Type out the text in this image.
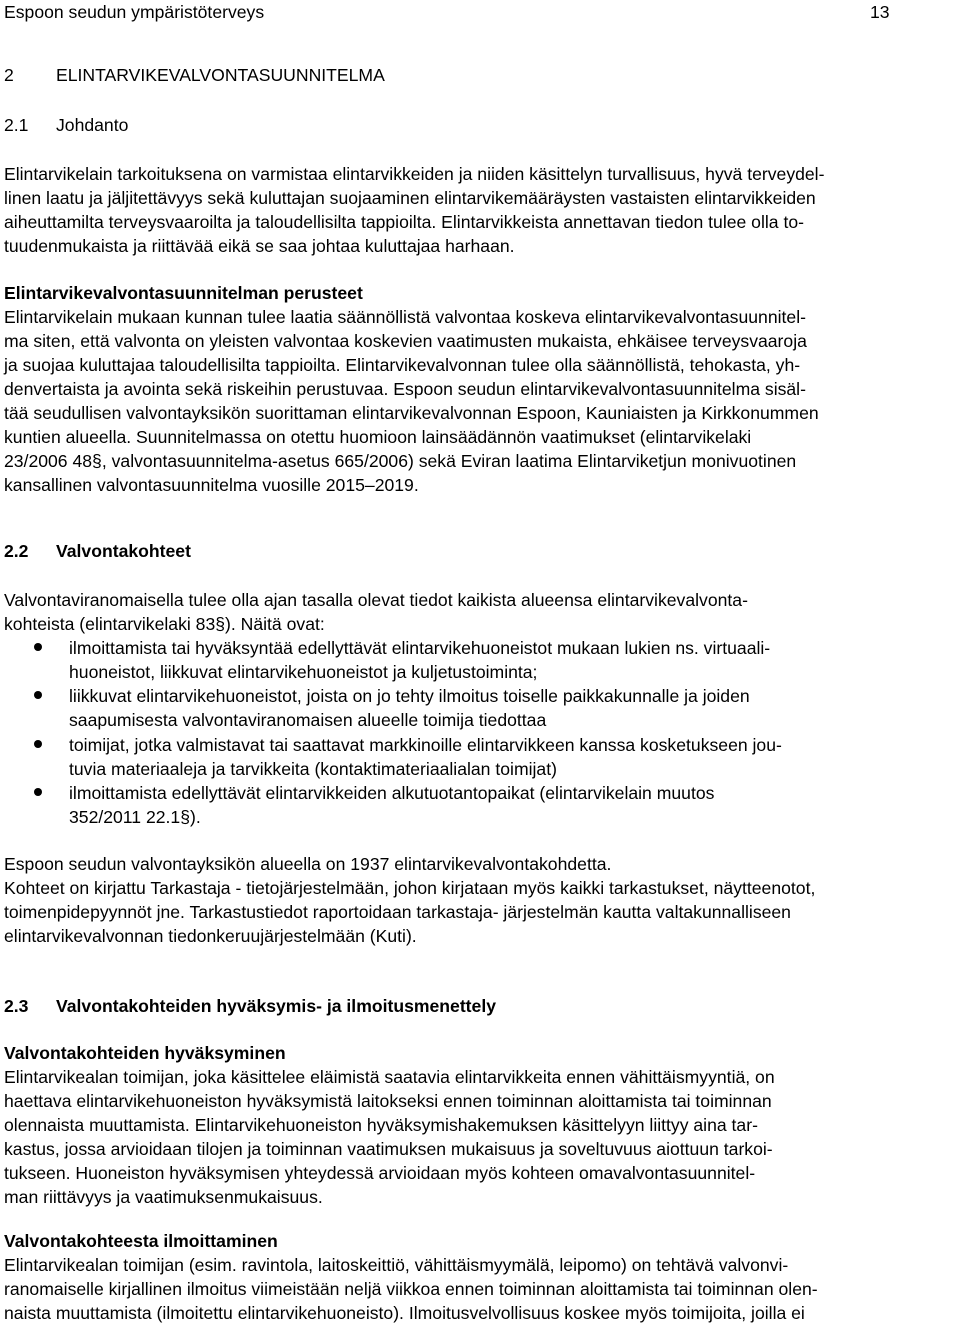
Espoon seudun ympäristöterveys	13
2 ELINTARVIKEVALVONTASUUNNITELMA
2.1 Johdanto
Elintarvikelain tarkoituksena on varmistaa elintarvikkeiden ja niiden käsittelyn turvallisuus, hyvä terveydel-
linen laatu ja jäljitettävyys sekä kuluttajan suojaaminen elintarvikemääräysten vastaisten elintarvikkeiden
aiheuttamilta terveysvaaroilta ja taloudellisilta tappioilta. Elintarvikkeista annettavan tiedon tulee olla to-
tuudenmukaista ja riittävää eikä se saa johtaa kuluttajaa harhaan.
Elintarvikevalvontasuunnitelman perusteet
Elintarvikelain mukaan kunnan tulee laatia säännöllistä valvontaa koskeva elintarvikevalvontasuunnitel-
ma siten, että valvonta on yleisten valvontaa koskevien vaatimusten mukaista, ehkäisee terveysvaaroja
ja suojaa kuluttajaa taloudellisilta tappioilta. Elintarvikevalvonnan tulee olla säännöllistä, tehokasta, yh-
denvertaista ja avointa sekä riskeihin perustuvaa. Espoon seudun elintarvikevalvontasuunnitelma sisäl-
tää seudullisen valvontayksikön suorittaman elintarvikevalvonnan Espoon, Kauniaisten ja Kirkkonummen
kuntien alueella. Suunnitelmassa on otettu huomioon lainsäädännön vaatimukset (elintarvikelaki
23/2006 48§, valvontasuunnitelma-asetus 665/2006) sekä Eviran laatima Elintarviketjun monivuotinen
kansallinen valvontasuunnitelma vuosille 2015–2019.
2.2 Valvontakohteet
Valvontaviranomaisella tulee olla ajan tasalla olevat tiedot kaikista alueensa elintarvikevalvonta-
kohteista (elintarvikelaki 83§). Näitä ovat:
ilmoittamista tai hyväksyntää edellyttävät elintarvikehuoneistot mukaan lukien ns. virtuaali-
huoneistot, liikkuvat elintarvikehuoneistot ja kuljetustoiminta;
liikkuvat elintarvikehuoneistot, joista on jo tehty ilmoitus toiselle paikkakunnalle ja joiden
saapumisesta valvontaviranomaisen alueelle toimija tiedottaa
toimijat, jotka valmistavat tai saattavat markkinoille elintarvikkeen kanssa kosketukseen jou-
tuvia materiaaleja ja tarvikkeita (kontaktimateriaalialan toimijat)
ilmoittamista edellyttävät elintarvikkeiden alkutuotantopaikat (elintarvikelain muutos
352/2011 22.1§).
Espoon seudun valvontayksikön alueella on 1937 elintarvikevalvontakohdetta.
Kohteet on kirjattu Tarkastaja - tietojärjestelmään, johon kirjataan myös kaikki tarkastukset, näytteenotot,
toimenpidepyynnöt jne. Tarkastustiedot raportoidaan tarkastaja- järjestelmän kautta valtakunnalliseen
elintarvikevalvonnan tiedonkeruujärjestelmään (Kuti).
2.3 Valvontakohteiden hyväksymis- ja ilmoitusmenettely
Valvontakohteiden hyväksyminen
Elintarvikealan toimijan, joka käsittelee eläimistä saatavia elintarvikkeita ennen vähittäismyyntiä, on
haettava elintarvikehuoneiston hyväksymistä laitokseksi ennen toiminnan aloittamista tai toiminnan
olennaista muuttamista. Elintarvikehuoneiston hyväksymishakemuksen käsittelyyn liittyy aina tar-
kastus, jossa arvioidaan tilojen ja toiminnan vaatimuksen mukaisuus ja soveltuvuus aiottuun tarkoi-
tukseen. Huoneiston hyväksymisen yhteydessä arvioidaan myös kohteen omavalvontasuunnitel-
man riittävyys ja vaatimuksenmukaisuus.
Valvontakohteesta ilmoittaminen
Elintarvikealan toimijan (esim. ravintola, laitoskeittiö, vähittäismyymälä, leipomo) on tehtävä valvonvi-
ranomaiselle kirjallinen ilmoitus viimeistään neljä viikkoa ennen toiminnan aloittamista tai toiminnan olen-
naista muuttamista (ilmoitettu elintarvikehuoneisto). Ilmoitusvelvollisuus koskee myös toimijoita, joilla ei
